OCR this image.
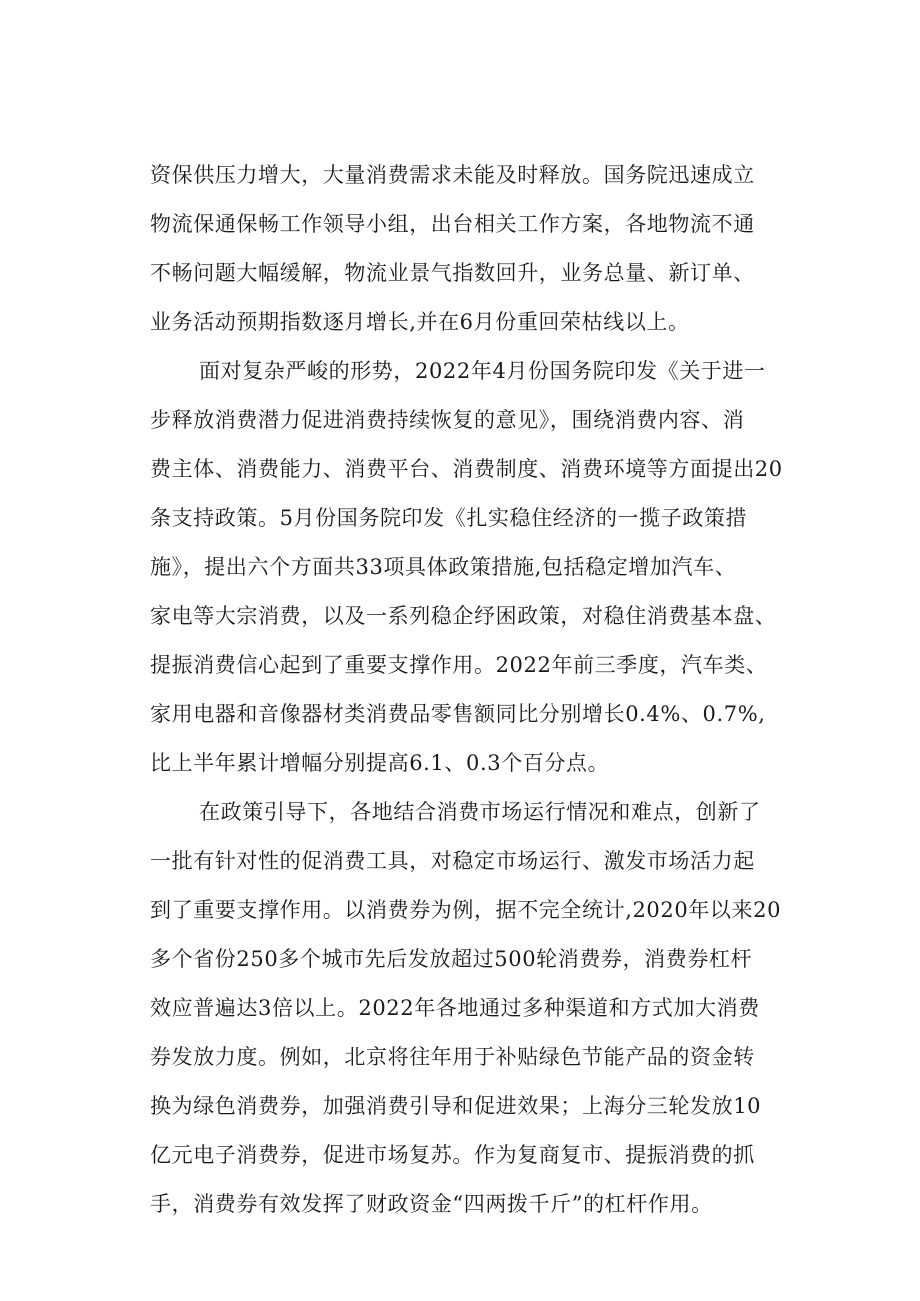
资保供压力增大，大量消费需求未能及时释放。国务院迅速成立
物流保通保畅工作领导小组，出台相关工作方案，各地物流不通
不畅问题大幅缓解，物流业景气指数回升，业务总量、新订单、
业务活动预期指数逐月增长,并在6月份重回荣枯线以上。
面对复杂严峻的形势，2022年4月份国务院印发《关于进一
步释放消费潜力促进消费持续恢复的意见》，围绕消费内容、消
费主体、消费能力、消费平台、消费制度、消费环境等方面提出20
条支持政策。5月份国务院印发《扎实稳住经济的一揽子政策措
施》，提出六个方面共33项具体政策措施,包括稳定增加汽车、
家电等大宗消费，以及一系列稳企纾困政策，对稳住消费基本盘、
提振消费信心起到了重要支撑作用。2022年前三季度，汽车类、
家用电器和音像器材类消费品零售额同比分别增长0.4%、0.7%,
比上半年累计增幅分别提高6.1、0.3个百分点。
在政策引导下，各地结合消费市场运行情况和难点，创新了
一批有针对性的促消费工具，对稳定市场运行、激发市场活力起
到了重要支撑作用。以消费券为例，据不完全统计,2020年以来20
多个省份250多个城市先后发放超过500轮消费券，消费券杠杆
效应普遍达3倍以上。2022年各地通过多种渠道和方式加大消费
券发放力度。例如，北京将往年用于补贴绿色节能产品的资金转
换为绿色消费券，加强消费引导和促进效果；上海分三轮发放10
亿元电子消费券，促进市场复苏。作为复商复市、提振消费的抓
手，消费券有效发挥了财政资金“四两拨千斤”的杠杆作用。
